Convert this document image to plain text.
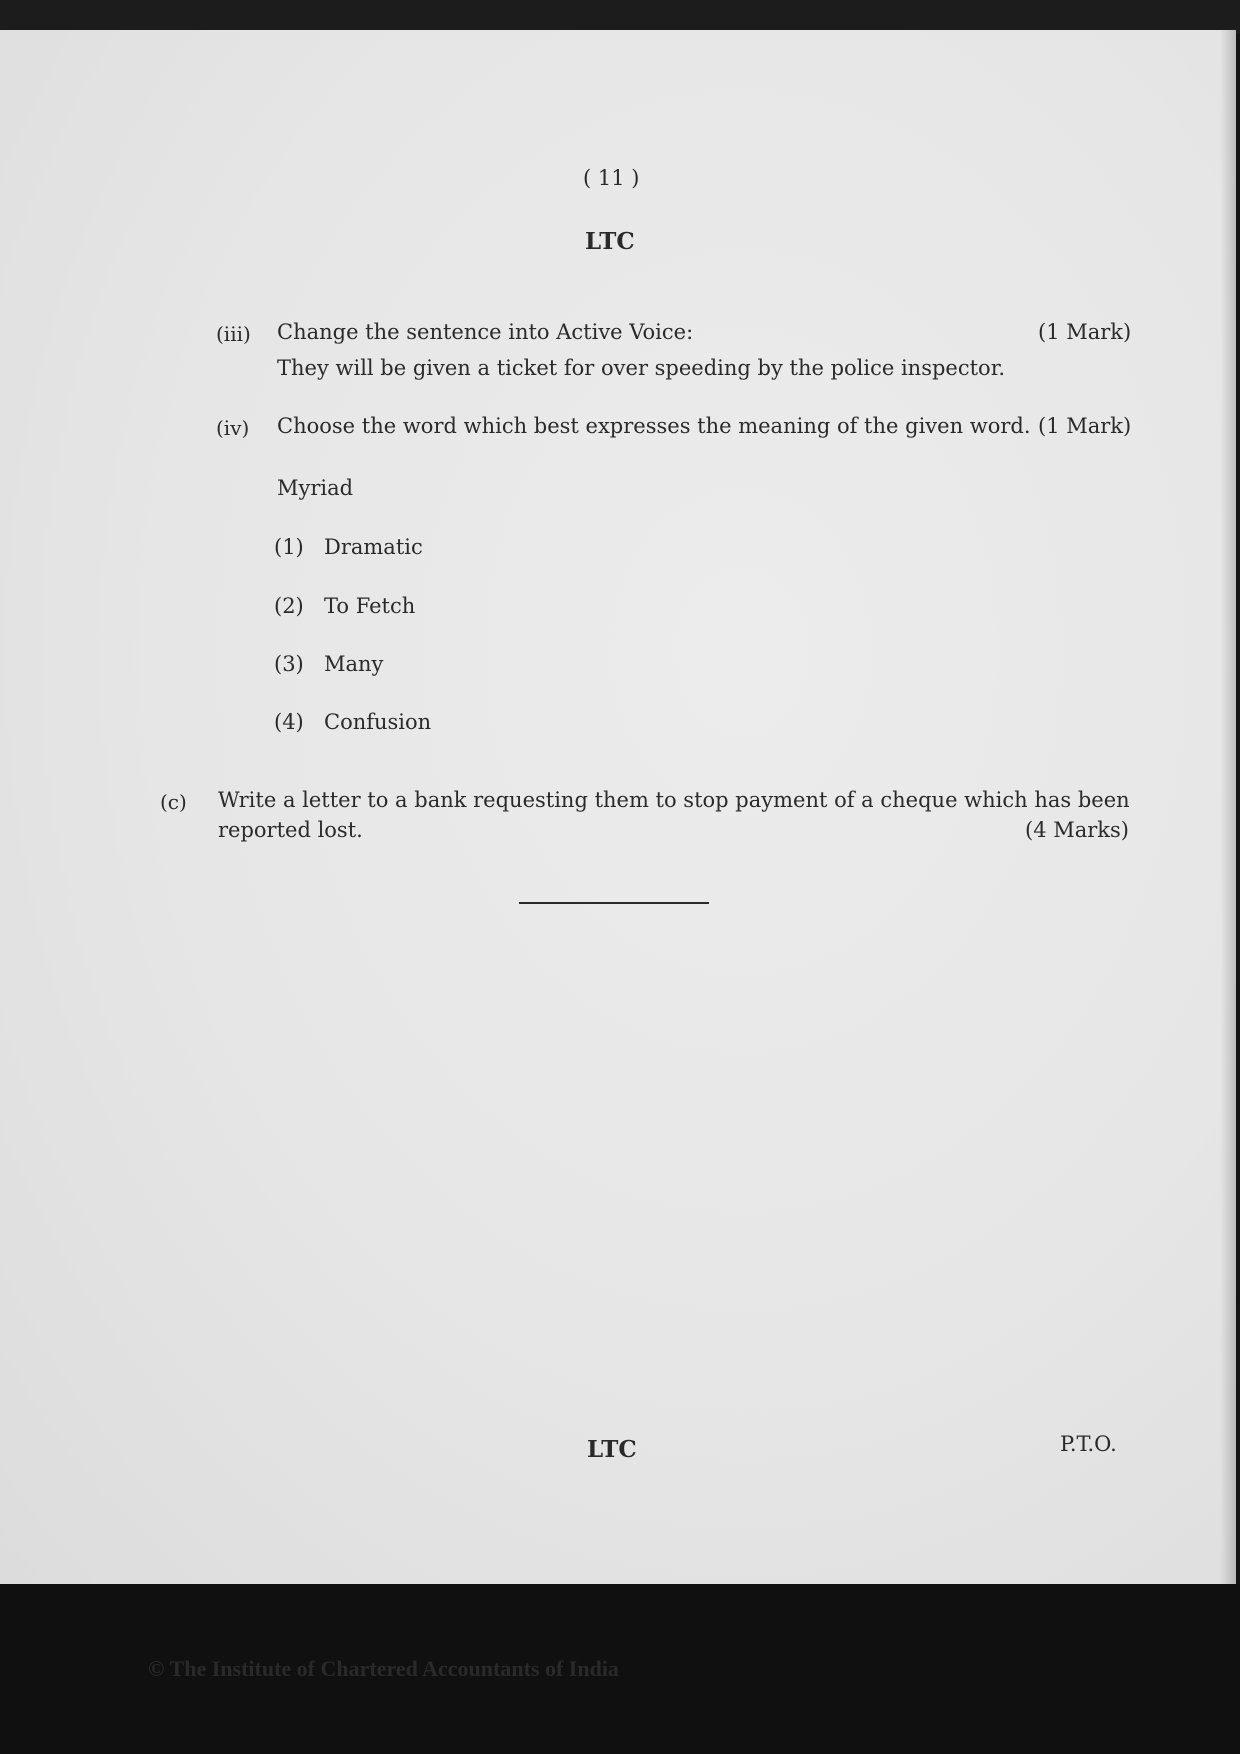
( 11 )
LTC
(iii) Change the sentence into Active Voice:	(1 Mark)
They will be given a ticket for over speeding by the police inspector.
(iv) Choose the word which best expresses the meaning of the given word. (1 Mark)
Myriad
(1) Dramatic
(2) To Fetch
(3) Many
(4) Confusion
(c) Write a letter to a bank requesting them to stop payment of a cheque which has been
reported lost.	(4 Marks)
LTC	P.T.O.
© The Institute of Chartered Accountants of India
